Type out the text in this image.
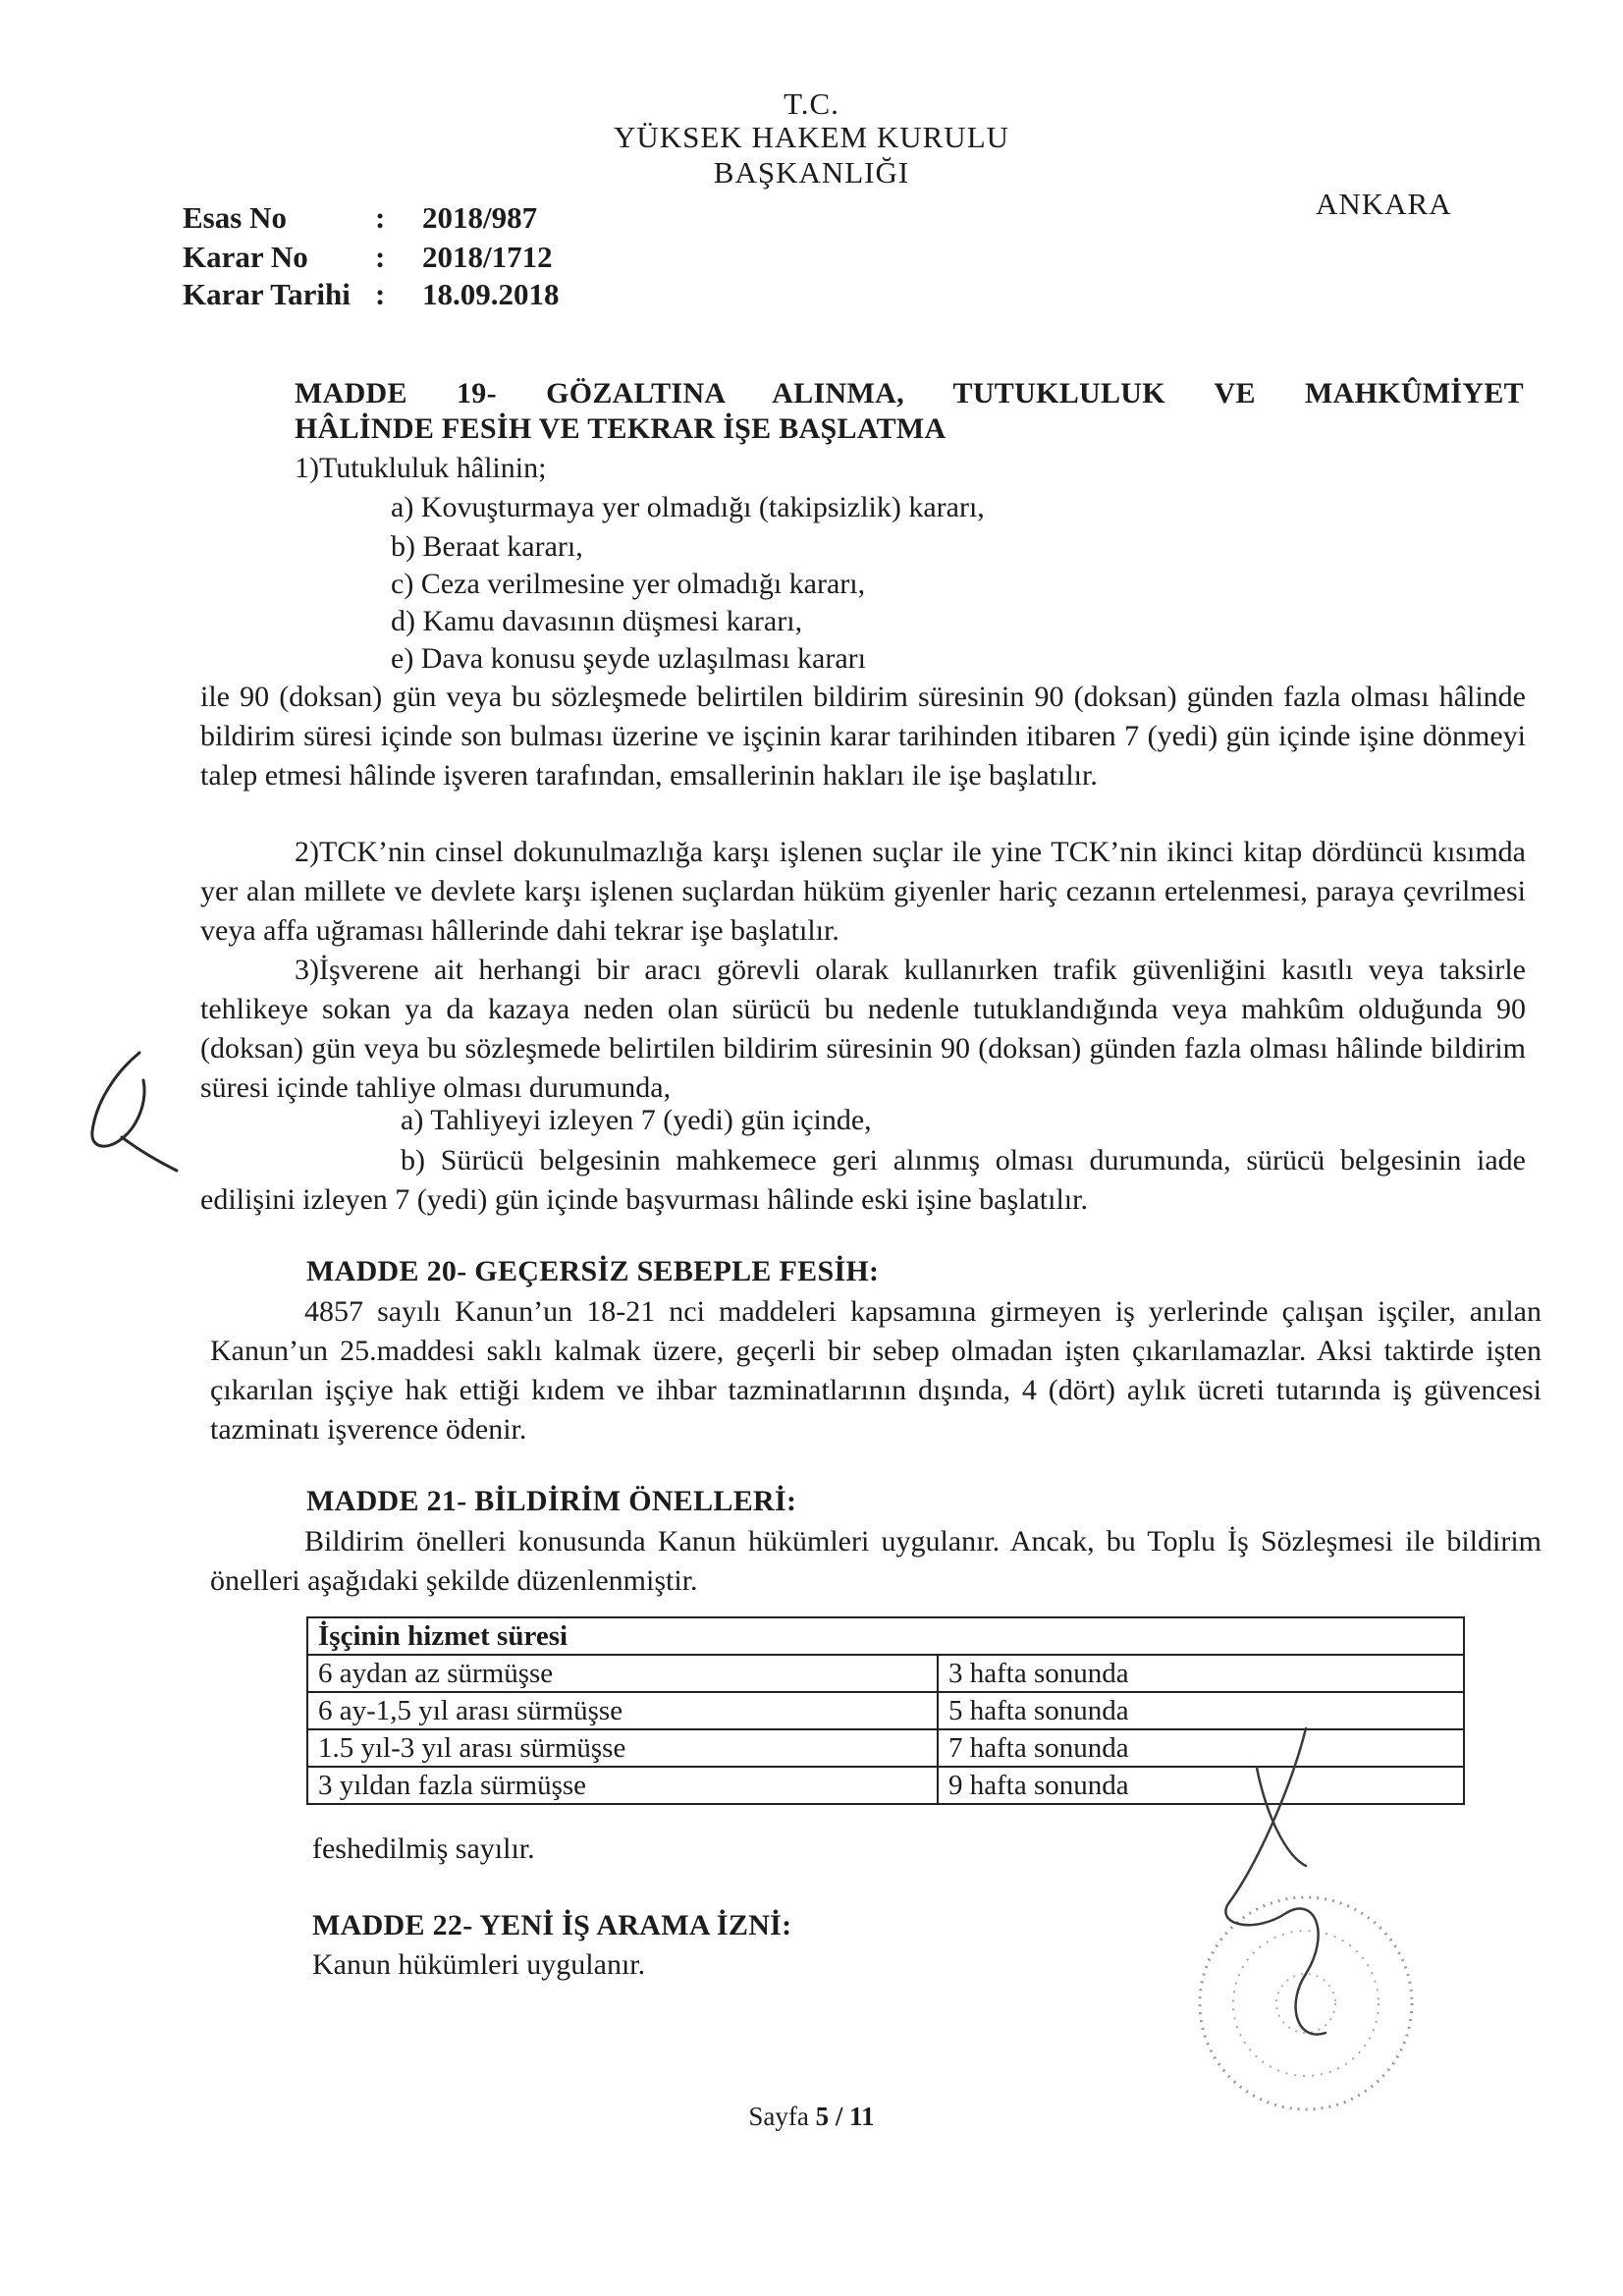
T.C.
YÜKSEK HAKEM KURULU
BAŞKANLIĞI
ANKARA
Esas No	: 2018/987
Karar No : 2018/1712
Karar Tarihi : 18.09.2018
MADDE 19- GÖZALTINA ALINMA, TUTUKLULUK VE MAHKÛMİYET
HÂLİNDE FESİH VE TEKRAR İŞE BAŞLATMA
1)Tutukluluk hâlinin;
a) Kovuşturmaya yer olmadığı (takipsizlik) kararı,
b) Beraat kararı,
c) Ceza verilmesine yer olmadığı kararı,
d) Kamu davasının düşmesi kararı,
e) Dava konusu şeyde uzlaşılması kararı
ile 90 (doksan) gün veya bu sözleşmede belirtilen bildirim süresinin 90 (doksan) günden fazla olması hâlinde bildirim süresi içinde son bulması üzerine ve işçinin karar tarihinden itibaren 7 (yedi) gün içinde işine dönmeyi talep etmesi hâlinde işveren tarafından, emsallerinin hakları ile işe başlatılır.
2)TCK’nin cinsel dokunulmazlığa karşı işlenen suçlar ile yine TCK’nin ikinci kitap dördüncü kısımda yer alan millete ve devlete karşı işlenen suçlardan hüküm giyenler hariç cezanın ertelenmesi, paraya çevrilmesi veya affa uğraması hâllerinde dahi tekrar işe başlatılır.
3)İşverene ait herhangi bir aracı görevli olarak kullanırken trafik güvenliğini kasıtlı veya taksirle tehlikeye sokan ya da kazaya neden olan sürücü bu nedenle tutuklandığında veya mahkûm olduğunda 90 (doksan) gün veya bu sözleşmede belirtilen bildirim süresinin 90 (doksan) günden fazla olması hâlinde bildirim süresi içinde tahliye olması durumunda,
a) Tahliyeyi izleyen 7 (yedi) gün içinde,
b) Sürücü belgesinin mahkemece geri alınmış olması durumunda, sürücü belgesinin iade edilişini izleyen 7 (yedi) gün içinde başvurması hâlinde eski işine başlatılır.
MADDE 20- GEÇERSİZ SEBEPLE FESİH:
4857 sayılı Kanun’un 18-21 nci maddeleri kapsamına girmeyen iş yerlerinde çalışan işçiler, anılan Kanun’un 25.maddesi saklı kalmak üzere, geçerli bir sebep olmadan işten çıkarılamazlar. Aksi taktirde işten çıkarılan işçiye hak ettiği kıdem ve ihbar tazminatlarının dışında, 4 (dört) aylık ücreti tutarında iş güvencesi tazminatı işverence ödenir.
MADDE 21- BİLDİRİM ÖNELLERİ:
Bildirim önelleri konusunda Kanun hükümleri uygulanır. Ancak, bu Toplu İş Sözleşmesi ile bildirim önelleri aşağıdaki şekilde düzenlenmiştir.
İşçinin hizmet süresi	
6 aydan az sürmüşse	3 hafta sonunda
6 ay-1,5 yıl arası sürmüşse	5 hafta sonunda
1.5 yıl-3 yıl arası sürmüşse	7 hafta sonunda
3 yıldan fazla sürmüşse	9 hafta sonunda
feshedilmiş sayılır.
MADDE 22- YENİ İŞ ARAMA İZNİ:
Kanun hükümleri uygulanır.
Sayfa 5 / 11
